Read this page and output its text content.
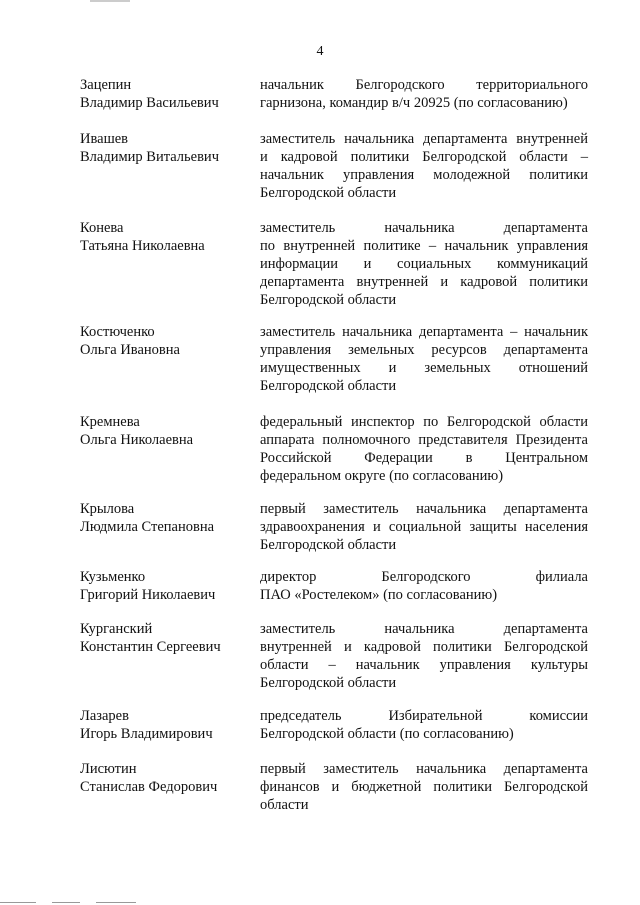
4
Зацепин
Владимир Васильевич
начальник Белгородского территориального
гарнизона, командир в/ч 20925 (по согласованию)
Ивашев
Владимир Витальевич
заместитель начальника департамента внутренней
и кадровой политики Белгородской области –
начальник управления молодежной политики
Белгородской области
Конева
Татьяна Николаевна
заместитель начальника департамента
по внутренней политике – начальник управления
информации и социальных коммуникаций
департамента внутренней и кадровой политики
Белгородской области
Костюченко
Ольга Ивановна
заместитель начальника департамента – начальник
управления земельных ресурсов департамента
имущественных и земельных отношений
Белгородской области
Кремнева
Ольга Николаевна
федеральный инспектор по Белгородской области
аппарата полномочного представителя Президента
Российской Федерации в Центральном
федеральном округе (по согласованию)
Крылова
Людмила Степановна
первый заместитель начальника департамента
здравоохранения и социальной защиты населения
Белгородской области
Кузьменко
Григорий Николаевич
директор Белгородского филиала
ПАО «Ростелеком» (по согласованию)
Курганский
Константин Сергеевич
заместитель начальника департамента
внутренней и кадровой политики Белгородской
области – начальник управления культуры
Белгородской области
Лазарев
Игорь Владимирович
председатель Избирательной комиссии
Белгородской области (по согласованию)
Лисютин
Станислав Федорович
первый заместитель начальника департамента
финансов и бюджетной политики Белгородской
области
